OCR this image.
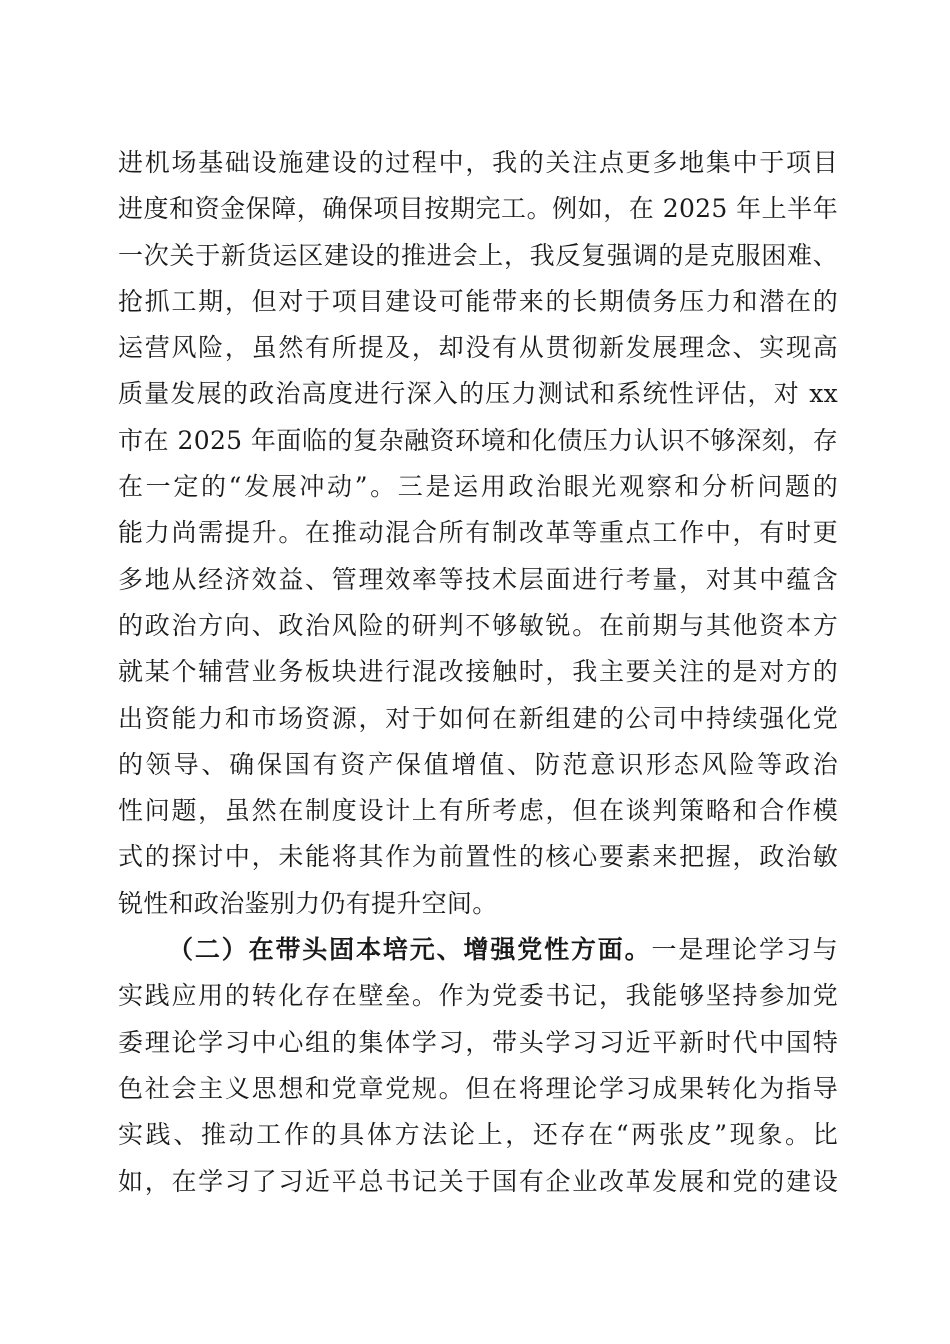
进机场基础设施建设的过程中，我的关注点更多地集中于项目
进度和资金保障，确保项目按期完工。例如，在 2025 年上半年
一次关于新货运区建设的推进会上，我反复强调的是克服困难、
抢抓工期，但对于项目建设可能带来的长期债务压力和潜在的
运营风险，虽然有所提及，却没有从贯彻新发展理念、实现高
质量发展的政治高度进行深入的压力测试和系统性评估，对 xx
市在 2025 年面临的复杂融资环境和化债压力认识不够深刻，存
在一定的“发展冲动”。三是运用政治眼光观察和分析问题的
能力尚需提升。在推动混合所有制改革等重点工作中，有时更
多地从经济效益、管理效率等技术层面进行考量，对其中蕴含
的政治方向、政治风险的研判不够敏锐。在前期与其他资本方
就某个辅营业务板块进行混改接触时，我主要关注的是对方的
出资能力和市场资源，对于如何在新组建的公司中持续强化党
的领导、确保国有资产保值增值、防范意识形态风险等政治
性问题，虽然在制度设计上有所考虑，但在谈判策略和合作模
式的探讨中，未能将其作为前置性的核心要素来把握，政治敏
锐性和政治鉴别力仍有提升空间。
（二）在带头固本培元、增强党性方面。一是理论学习与
实践应用的转化存在壁垒。作为党委书记，我能够坚持参加党
委理论学习中心组的集体学习，带头学习习近平新时代中国特
色社会主义思想和党章党规。但在将理论学习成果转化为指导
实践、推动工作的具体方法论上，还存在“两张皮”现象。比
如，在学习了习近平总书记关于国有企业改革发展和党的建设
